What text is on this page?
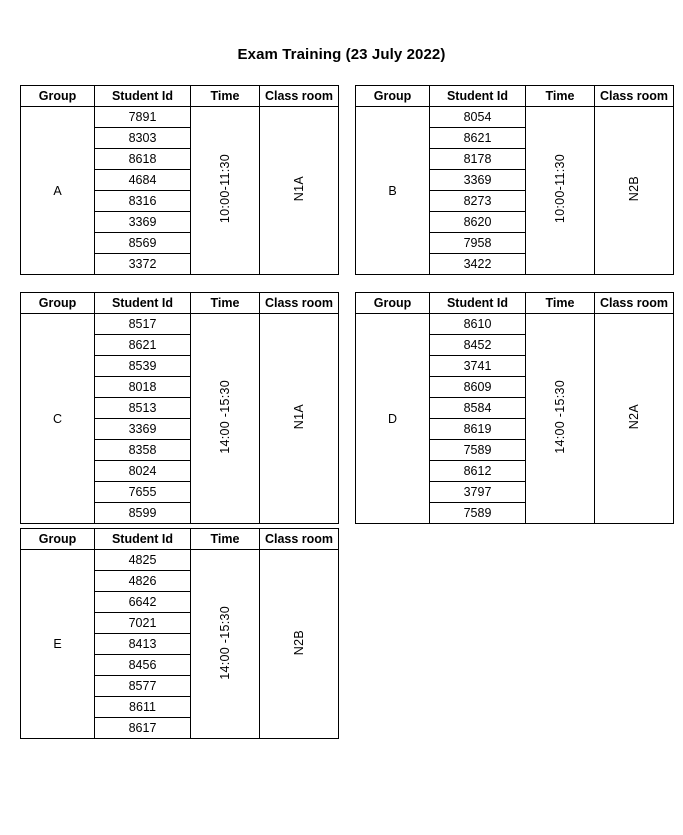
Exam Training (23 July 2022)
Group	Student Id	Time	Class room
A	7891	10:00-11:30	N1A
	8303		
	8618		
	4684		
	8316		
	3369		
	8569		
	3372		
Group	Student Id	Time	Class room
B	8054	10:00-11:30	N2B
	8621		
	8178		
	3369		
	8273		
	8620		
	7958		
	3422		
Group	Student Id	Time	Class room
C	8517	14:00 -15:30	N1A
	8621		
	8539		
	8018		
	8513		
	3369		
	8358		
	8024		
	7655		
	8599		
Group	Student Id	Time	Class room
D	8610	14:00 -15:30	N2A
	8452		
	3741		
	8609		
	8584		
	8619		
	7589		
	8612		
	3797		
	7589		
Group	Student Id	Time	Class room
E	4825	14:00 -15:30	N2B
	4826		
	6642		
	7021		
	8413		
	8456		
	8577		
	8611		
	8617		
